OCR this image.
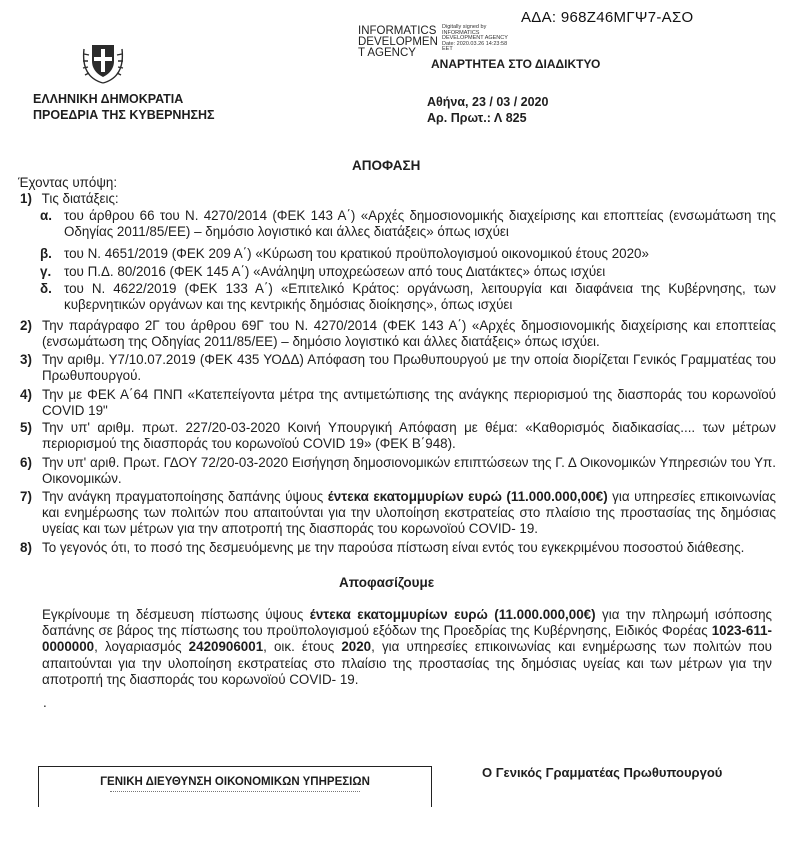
INFORMATICS
DEVELOPMEN
T AGENCY
Digitally signed by
INFORMATICS
DEVELOPMENT AGENCY
Date: 2020.03.26 14:23:58
EET
ΑΔΑ: 968Ζ46ΜΓΨ7-ΑΣΟ
ΑΝΑΡΤΗΤΕΑ ΣΤΟ ΔΙΑΔΙΚΤΥΟ
ΕΛΛΗΝΙΚΗ ΔΗΜΟΚΡΑΤΙΑ
ΠΡΟΕΔΡΙΑ ΤΗΣ ΚΥΒΕΡΝΗΣΗΣ
Αθήνα, 23 / 03 / 2020
Αρ. Πρωτ.: Λ 825
ΑΠΟΦΑΣΗ
Έχοντας υπόψη:
1) Τις διατάξεις:
α. του άρθρου 66 του Ν. 4270/2014 (ΦΕΚ 143 Α΄) «Αρχές δημοσιονομικής διαχείρισης και εποπτείας (ενσωμάτωση της Οδηγίας 2011/85/ΕΕ) – δημόσιο λογιστικό και άλλες διατάξεις» όπως ισχύει
β. του Ν. 4651/2019 (ΦΕΚ 209 Α΄) «Κύρωση του κρατικού προϋπολογισμού οικονομικού έτους 2020»
γ. του Π.Δ. 80/2016 (ΦΕΚ 145 Α΄) «Ανάληψη υποχρεώσεων από τους Διατάκτες» όπως ισχύει
δ. του Ν. 4622/2019 (ΦΕΚ 133 Α΄) «Επιτελικό Κράτος: οργάνωση, λειτουργία και διαφάνεια της Κυβέρνησης, των κυβερνητικών οργάνων και της κεντρικής δημόσιας διοίκησης», όπως ισχύει
2) Την παράγραφο 2Γ του άρθρου 69Γ του Ν. 4270/2014 (ΦΕΚ 143 Α΄) «Αρχές δημοσιονομικής διαχείρισης και εποπτείας (ενσωμάτωση της Οδηγίας 2011/85/ΕΕ) – δημόσιο λογιστικό και άλλες διατάξεις» όπως ισχύει.
3) Την αριθμ. Υ7/10.07.2019 (ΦΕΚ 435 ΥΟΔΔ) Απόφαση του Πρωθυπουργού με την οποία διορίζεται Γενικός Γραμματέας του Πρωθυπουργού.
4) Την με ΦΕΚ Α΄64 ΠΝΠ «Κατεπείγοντα μέτρα της αντιμετώπισης της ανάγκης περιορισμού της διασποράς του κορωνοϊού COVID 19"
5) Την υπ' αριθμ. πρωτ. 227/20-03-2020 Κοινή Υπουργική Απόφαση με θέμα: «Καθορισμός διαδικασίας.... των μέτρων περιορισμού της διασποράς του κορωνοϊού COVID 19» (ΦΕΚ Β΄948).
6) Την υπ' αριθ. Πρωτ. ΓΔΟΥ 72/20-03-2020 Εισήγηση δημοσιονομικών επιπτώσεων της Γ. Δ Οικονομικών Υπηρεσιών του Υπ. Οικονομικών.
7) Την ανάγκη πραγματοποίησης δαπάνης ύψους έντεκα εκατομμυρίων ευρώ (11.000.000,00€) για υπηρεσίες επικοινωνίας και ενημέρωσης των πολιτών που απαιτούνται για την υλοποίηση εκστρατείας στο πλαίσιο της προστασίας της δημόσιας υγείας και των μέτρων για την αποτροπή της διασποράς του κορωνοϊού COVID- 19.
8) Το γεγονός ότι, το ποσό της δεσμευόμενης με την παρούσα πίστωση είναι εντός του εγκεκριμένου ποσοστού διάθεσης.
Αποφασίζουμε
Εγκρίνουμε τη δέσμευση πίστωσης ύψους έντεκα εκατομμυρίων ευρώ (11.000.000,00€) για την πληρωμή ισόποσης δαπάνης σε βάρος της πίστωσης του προϋπολογισμού εξόδων της Προεδρίας της Κυβέρνησης, Ειδικός Φορέας 1023-611-0000000, λογαριασμός 2420906001, οικ. έτους 2020, για υπηρεσίες επικοινωνίας και ενημέρωσης των πολιτών που απαιτούνται για την υλοποίηση εκστρατείας στο πλαίσιο της προστασίας της δημόσιας υγείας και των μέτρων για την αποτροπή της διασποράς του κορωνοϊού COVID- 19.
.
ΓΕΝΙΚΗ ΔΙΕΥΘΥΝΣΗ ΟΙΚΟΝΟΜΙΚΩΝ ΥΠΗΡΕΣΙΩΝ
Ο Γενικός Γραμματέας Πρωθυπουργού
